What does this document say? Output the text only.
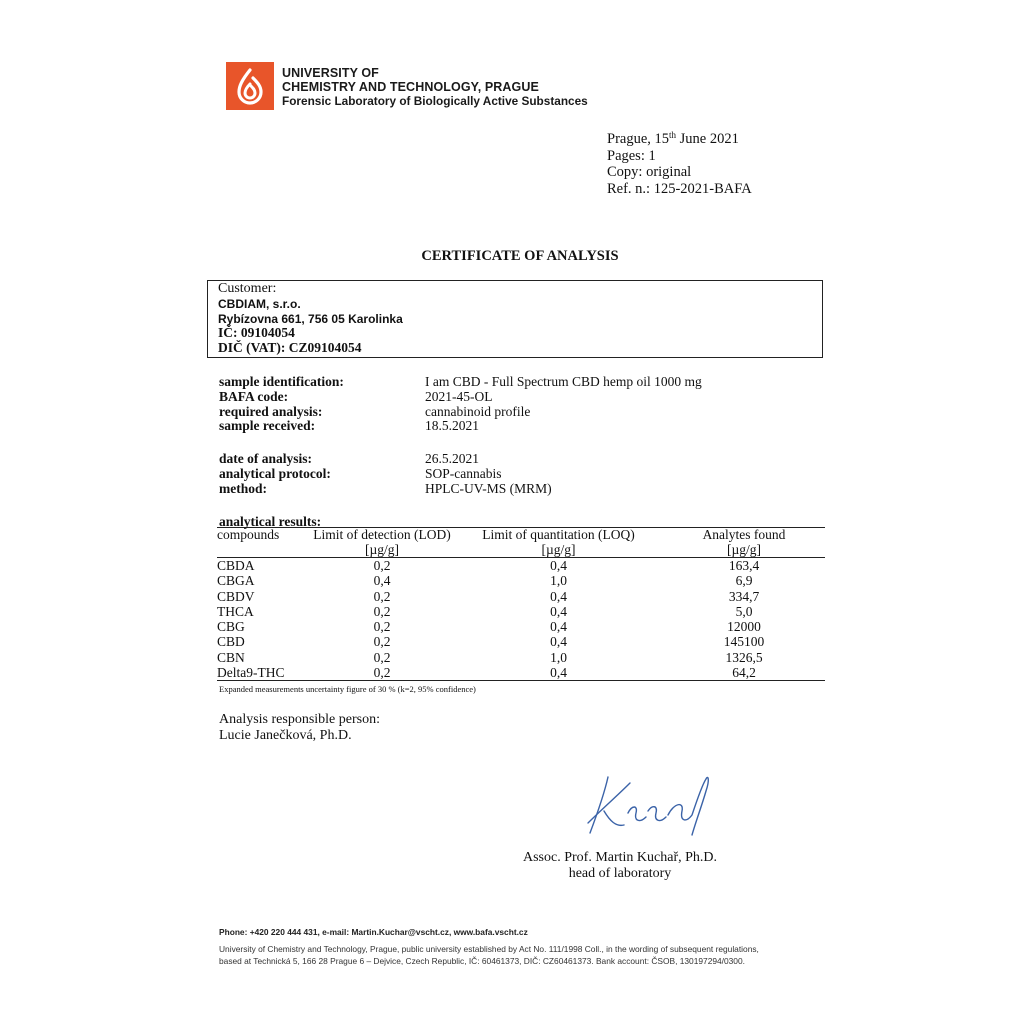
UNIVERSITY OF
CHEMISTRY AND TECHNOLOGY, PRAGUE
Forensic Laboratory of Biologically Active Substances
Prague, 15th June 2021
Pages: 1
Copy: original
Ref. n.: 125-2021-BAFA
CERTIFICATE OF ANALYSIS
Customer:
CBDIAM, s.r.o.
Rybízovna 661, 756 05 Karolinka
IČ: 09104054
DIČ (VAT): CZ09104054
sample identification:	I am CBD - Full Spectrum CBD hemp oil 1000 mg
BAFA code:	2021-45-OL
required analysis:	cannabinoid profile
sample received:	18.5.2021
date of analysis:	26.5.2021
analytical protocol:	SOP-cannabis
method:	HPLC-UV-MS (MRM)
analytical results:
compounds	Limit of detection (LOD)	Limit of quantitation (LOQ)	Analytes found
	[µg/g]	[µg/g]	[µg/g]
CBDA	0,2	0,4	163,4
CBGA	0,4	1,0	6,9
CBDV	0,2	0,4	334,7
THCA	0,2	0,4	5,0
CBG	0,2	0,4	12000
CBD	0,2	0,4	145100
CBN	0,2	1,0	1326,5
Delta9-THC	0,2	0,4	64,2
Expanded measurements uncertainty figure of 30 % (k=2, 95% confidence)
Analysis responsible person:
Lucie Janečková, Ph.D.
Assoc. Prof. Martin Kuchař, Ph.D.
head of laboratory
Phone: +420 220 444 431, e-mail: Martin.Kuchar@vscht.cz, www.bafa.vscht.cz
University of Chemistry and Technology, Prague, public university established by Act No. 111/1998 Coll., in the wording of subsequent regulations,
based at Technická 5, 166 28 Prague 6 – Dejvice, Czech Republic, IČ: 60461373, DIČ: CZ60461373. Bank account: ČSOB, 130197294/0300.
